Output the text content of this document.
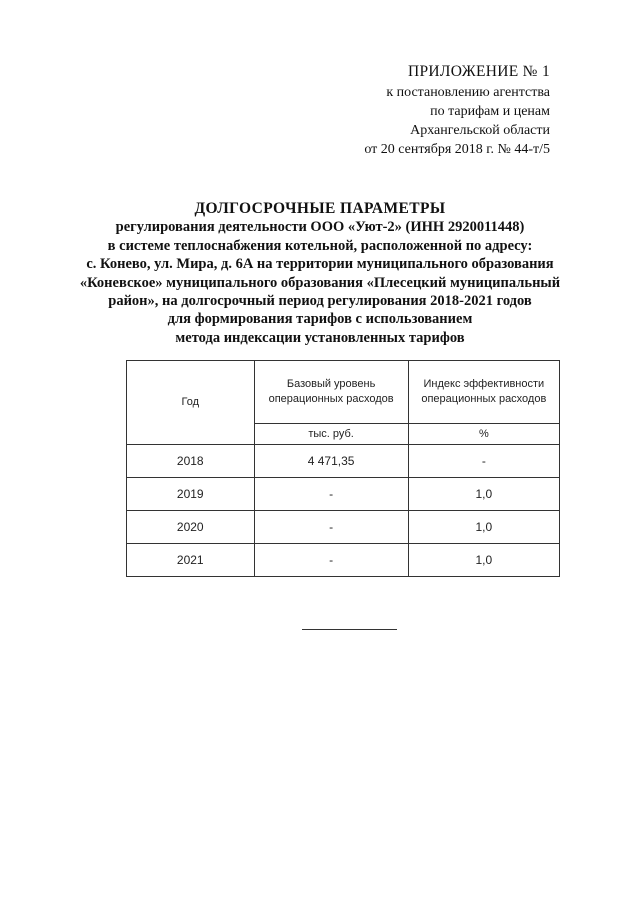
ПРИЛОЖЕНИЕ № 1
к постановлению агентства
по тарифам и ценам
Архангельской области
от 20 сентября 2018 г. № 44-т/5
ДОЛГОСРОЧНЫЕ ПАРАМЕТРЫ
регулирования деятельности ООО «Уют-2» (ИНН 2920011448)
в системе теплоснабжения котельной, расположенной по адресу:
с. Конево, ул. Мира, д. 6А на территории муниципального образования
«Коневское» муниципального образования «Плесецкий муниципальный
район», на долгосрочный период регулирования 2018-2021 годов
для формирования тарифов с использованием
метода индексации установленных тарифов
Год	Базовый уровень операционных расходов	Индекс эффективности операционных расходов
	тыс. руб.	%
2018	4 471,35	-
2019	-	1,0
2020	-	1,0
2021	-	1,0
